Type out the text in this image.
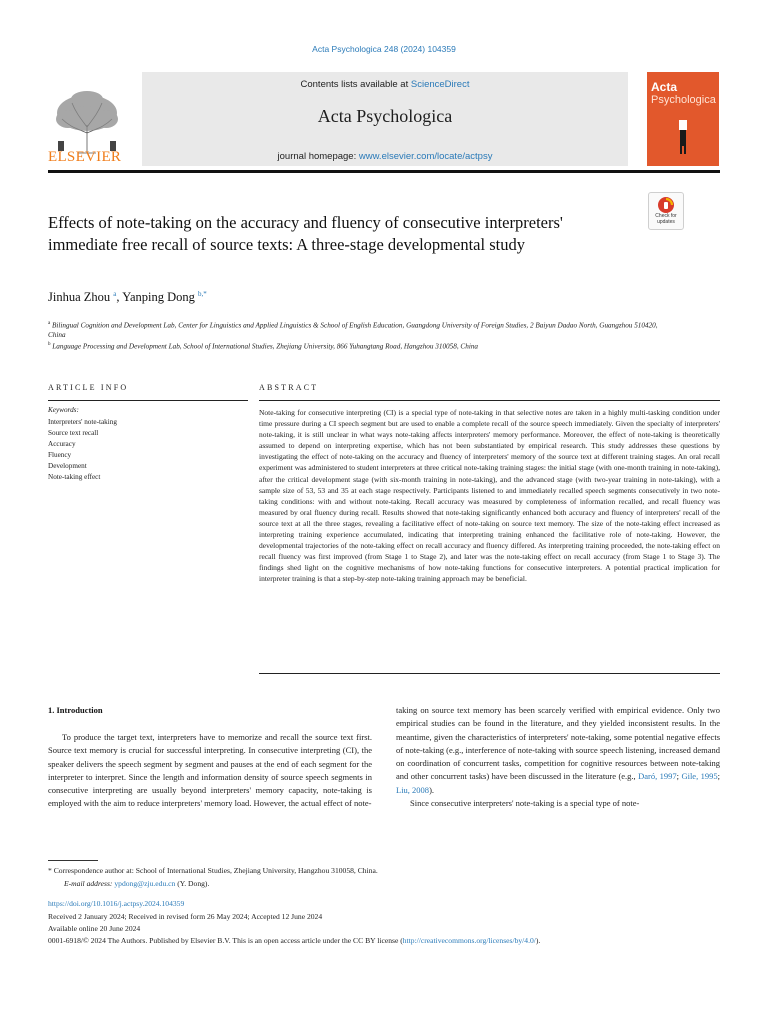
Acta Psychologica 248 (2024) 104359
ELSEVIER
Contents lists available at ScienceDirect
Acta Psychologica
journal homepage: www.elsevier.com/locate/actpsy
Acta
Psychologica
Check for updates
Effects of note-taking on the accuracy and fluency of consecutive interpreters' immediate free recall of source texts: A three-stage developmental study
Jinhua Zhou $^a$, Yanping Dong $^{b,*}$
$^a$ Bilingual Cognition and Development Lab, Center for Linguistics and Applied Linguistics & School of English Education, Guangdong University of Foreign Studies, 2 Baiyun Dadao North, Guangzhou 510420, China
$^b$ Language Processing and Development Lab, School of International Studies, Zhejiang University, 866 Yuhangtang Road, Hangzhou 310058, China
ARTICLE INFO
Keywords:
Interpreters' note-taking
Source text recall
Accuracy
Fluency
Development
Note-taking effect
ABSTRACT
Note-taking for consecutive interpreting (CI) is a special type of note-taking in that selective notes are taken in a highly multi-tasking condition under time pressure during a CI speech segment but are used to enable a complete recall of the source speech immediately. Given the specialty of interpreters' note-taking, it is still unclear in what ways note-taking affects interpreters' memory performance. Moreover, the effect of note-taking is theoretically assumed to depend on interpreting expertise, which has not been substantiated by empirical research. This study addresses these questions by investigating the effect of note-taking on the accuracy and fluency of interpreters' memory of the source text at different training stages. An oral recall experiment was administered to student interpreters at three critical note-taking training stages: the initial stage (with one-month training in note-taking), after the critical development stage (with six-month training in note-taking), and the advanced stage (with two-year training in note-taking), with a sample size of 53, 53 and 35 at each stage respectively. Participants listened to and immediately recalled speech segments consecutively in two note-taking conditions: with and without note-taking. Recall accuracy was measured by completeness of information recalled, and recall fluency was measured by oral fluency during recall. Results showed that note-taking significantly enhanced both accuracy and fluency of interpreters' recall of the source text at all the three stages, revealing a facilitative effect of note-taking on source text memory. The size of the note-taking effect increased as interpreting training experience accumulated, indicating that interpreting training enhanced the facilitative role of note-taking. However, the developmental trajectories of the note-taking effect on recall accuracy and fluency differed. As interpreting training proceeded, the note-taking effect on recall fluency was first improved (from Stage 1 to Stage 2), and later was the note-taking effect on recall accuracy (from Stage 1 to Stage 3). The findings shed light on the cognitive mechanisms of how note-taking functions for consecutive interpreters. A potential practical implication for interpreter training is that a step-by-step note-taking training approach may be beneficial.
1. Introduction

To produce the target text, interpreters have to memorize and recall the source text first. Source text memory is crucial for successful interpreting. In consecutive interpreting (CI), the speaker delivers the speech segment by segment and pauses at the end of each segment for the interpreter to interpret. Since the length and information density of source speech segments in consecutive interpreting are usually beyond interpreters' memory capacity, note-taking is employed with the aim to reduce interpreters' memory load. However, the actual effect of note-

taking on source text memory has been scarcely verified with empirical evidence. Only two empirical studies can be found in the literature, and they yielded inconsistent results. In the meantime, given the characteristics of interpreters' note-taking, some potential negative effects of note-taking (e.g., interference of note-taking with source speech listening, increased demand on coordination of concurrent tasks, competition for cognitive resources between note-taking and other concurrent tasks) have been discussed in the literature (e.g., Daró, 1997; Gile, 1995; Liu, 2008).

Since consecutive interpreters' note-taking is a special type of note-

* Correspondence author at: School of International Studies, Zhejiang University, Hangzhou 310058, China.
E-mail address: ypdong@zju.edu.cn (Y. Dong).
https://doi.org/10.1016/j.actpsy.2024.104359
Received 2 January 2024; Received in revised form 26 May 2024; Accepted 12 June 2024
Available online 20 June 2024
0001-6918/© 2024 The Authors. Published by Elsevier B.V. This is an open access article under the CC BY license (http://creativecommons.org/licenses/by/4.0/).
